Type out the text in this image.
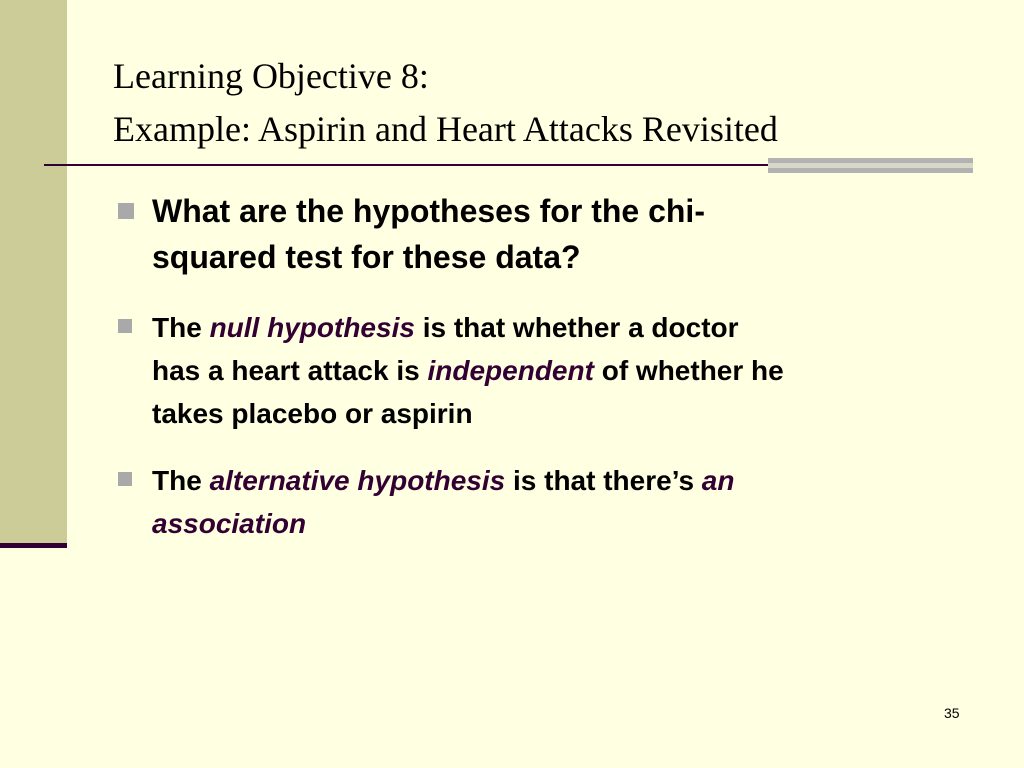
Learning Objective 8:
Example: Aspirin and Heart Attacks Revisited
What are the hypotheses for the chi-
squared test for these data?
The null hypothesis is that whether a doctor
has a heart attack is independent of whether he
takes placebo or aspirin
The alternative hypothesis is that there’s an
association
35
